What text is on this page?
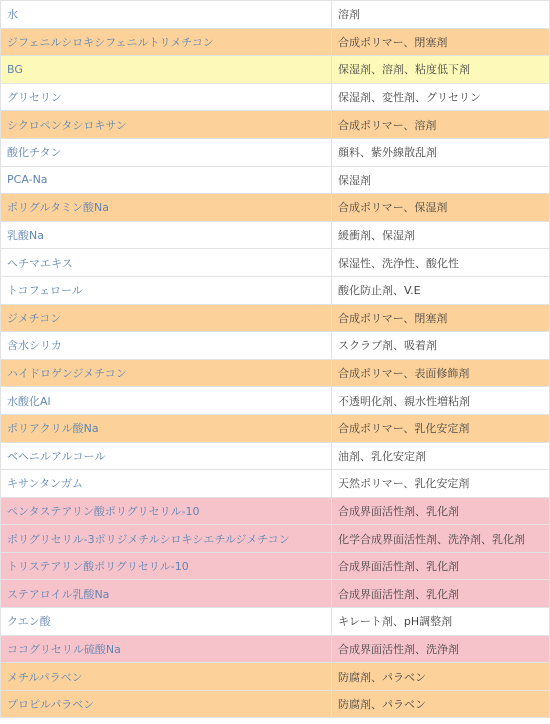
水	溶剤
ジフェニルシロキシフェニルトリメチコン	合成ポリマー、閉塞剤
BG	保湿剤、溶剤、粘度低下剤
グリセリン	保湿剤、変性剤、グリセリン
シクロペンタシロキサン	合成ポリマー、溶剤
酸化チタン	顔料、紫外線散乱剤
PCA-Na	保湿剤
ポリグルタミン酸Na	合成ポリマー、保湿剤
乳酸Na	緩衝剤、保湿剤
ヘチマエキス	保湿性、洗浄性、酸化性
トコフェロール	酸化防止剤、V.E
ジメチコン	合成ポリマー、閉塞剤
含水シリカ	スクラブ剤、吸着剤
ハイドロゲンジメチコン	合成ポリマー、表面修飾剤
水酸化Al	不透明化剤、親水性増粘剤
ポリアクリル酸Na	合成ポリマー、乳化安定剤
ベヘニルアルコール	油剤、乳化安定剤
キサンタンガム	天然ポリマー、乳化安定剤
ペンタステアリン酸ポリグリセリル-10	合成界面活性剤、乳化剤
ポリグリセリル-3ポリジメチルシロキシエチルジメチコン	化学合成界面活性剤、洗浄剤、乳化剤
トリステアリン酸ポリグリセリル-10	合成界面活性剤、乳化剤
ステアロイル乳酸Na	合成界面活性剤、乳化剤
クエン酸	キレート剤、pH調整剤
ココグリセリル硫酸Na	合成界面活性剤、洗浄剤
メチルパラベン	防腐剤、パラベン
プロピルパラベン	防腐剤、パラベン
